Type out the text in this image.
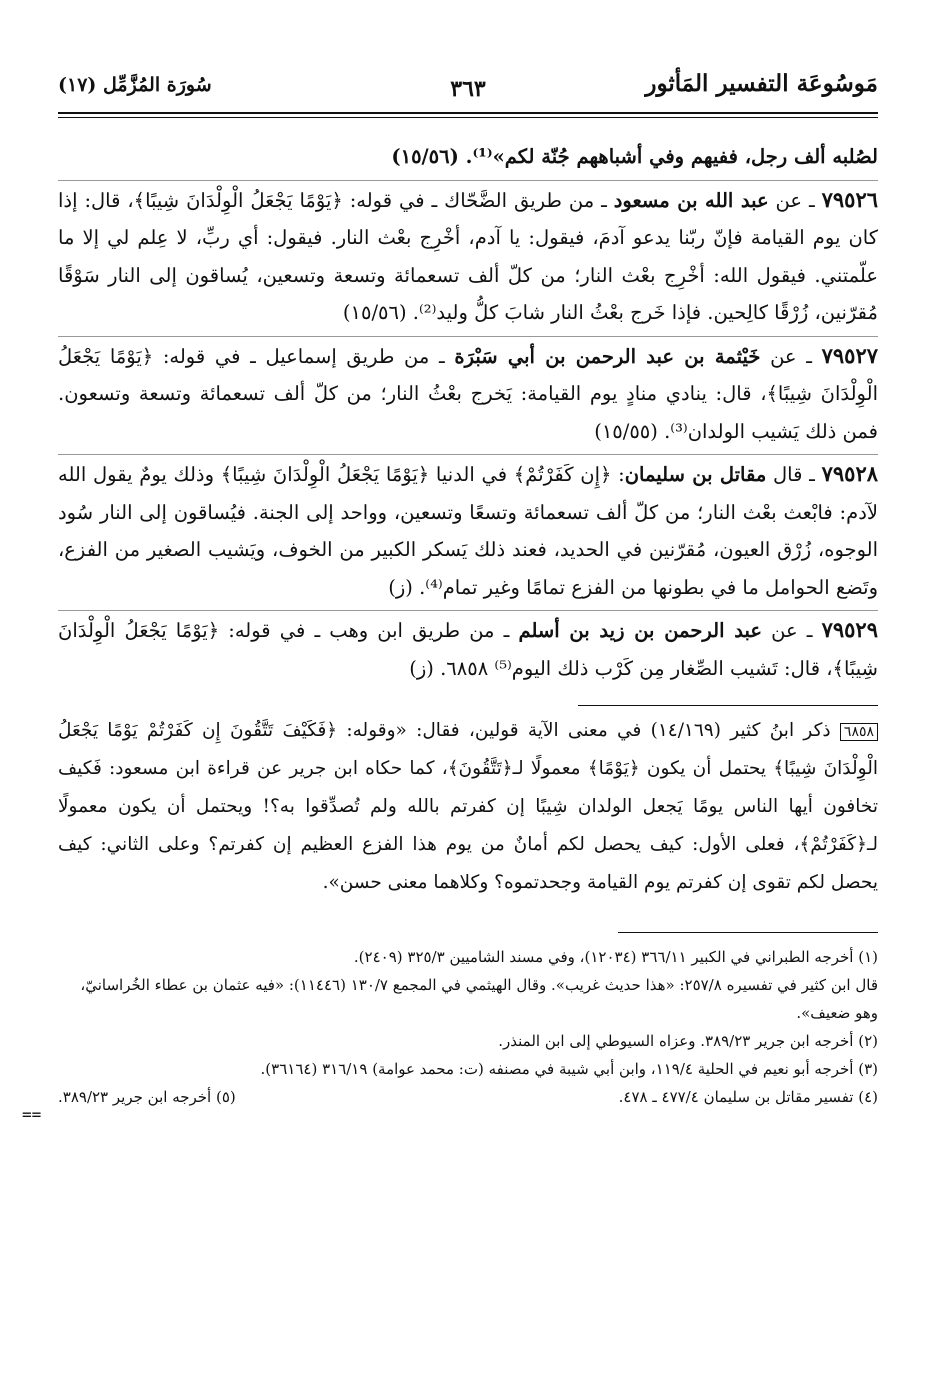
مَوسُوعَة التفسير المَأثور
٣٦٣
سُورَة المُزَّمِّل (١٧)

لصُلبه ألف رجل، ففيهم وفي أشباههم جُنّة لكم»⁽¹⁾. (١٥/٥٦)

٧٩٥٢٦ ـ عن عبد الله بن مسعود ـ من طريق الضَّحّاك ـ في قوله: ﴿يَوْمًا يَجْعَلُ الْوِلْدَانَ شِيبًا﴾، قال: إذا كان يوم القيامة فإنّ ربّنا يدعو آدمَ، فيقول: يا آدم، أخْرِج بعْث النار. فيقول: أي ربِّ، لا عِلم لي إلا ما علّمتني. فيقول الله: أخْرِج بعْث النار؛ من كلّ ألف تسعمائة وتسعة وتسعين، يُساقون إلى النار سَوْقًا مُقرّنين، زُرْقًا كالِحين. فإذا خَرج بعْثُ النار شابَ كلُّ وليد⁽²⁾. (١٥/٥٦)

٧٩٥٢٧ ـ عن خَيْثمة بن عبد الرحمن بن أبي سَبْرَة ـ من طريق إسماعيل ـ في قوله: ﴿يَوْمًا يَجْعَلُ الْوِلْدَانَ شِيبًا﴾، قال: ينادي منادٍ يوم القيامة: يَخرج بعْثُ النار؛ من كلّ ألف تسعمائة وتسعة وتسعون. فمن ذلك يَشيب الولدان⁽³⁾. (١٥/٥٥)

٧٩٥٢٨ ـ قال مقاتل بن سليمان: ﴿إِن كَفَرْتُمْ﴾ في الدنيا ﴿يَوْمًا يَجْعَلُ الْوِلْدَانَ شِيبًا﴾ وذلك يومٌ يقول الله لآدم: فابْعث بعْث النار؛ من كلّ ألف تسعمائة وتسعًا وتسعين، وواحد إلى الجنة. فيُساقون إلى النار سُود الوجوه، زُرْق العيون، مُقرّنين في الحديد، فعند ذلك يَسكر الكبير من الخوف، ويَشيب الصغير من الفزع، وتَضع الحوامل ما في بطونها من الفزع تمامًا وغير تمام⁽⁴⁾. (ز)

٧٩٥٢٩ ـ عن عبد الرحمن بن زيد بن أسلم ـ من طريق ابن وهب ـ في قوله: ﴿يَوْمًا يَجْعَلُ الْوِلْدَانَ شِيبًا﴾، قال: تَشيب الصِّغار مِن كَرْب ذلك اليوم⁽⁵⁾ ٦٨٥٨. (ز)

٦٨٥٨ ذكر ابنُ كثير (١٤/١٦٩) في معنى الآية قولين، فقال: «وقوله: ﴿فَكَيْفَ تَتَّقُونَ إِن كَفَرْتُمْ يَوْمًا يَجْعَلُ الْوِلْدَانَ شِيبًا﴾ يحتمل أن يكون ﴿يَوْمًا﴾ معمولًا لـ﴿تَتَّقُونَ﴾، كما حكاه ابن جرير عن قراءة ابن مسعود: فَكيف تخافون أيها الناس يومًا يَجعل الولدان شِيبًا إن كفرتم بالله ولم تُصدِّقوا به؟! ويحتمل أن يكون معمولًا لـ﴿كَفَرْتُمْ﴾، فعلى الأول: كيف يحصل لكم أمانٌ من يوم هذا الفزع العظيم إن كفرتم؟ وعلى الثاني: كيف يحصل لكم تقوى إن كفرتم يوم القيامة وجحدتموه؟ وكلاهما معنى حسن».

(١) أخرجه الطبراني في الكبير ٣٦٦/١١ (١٢٠٣٤)، وفي مسند الشاميين ٣٢٥/٣ (٢٤٠٩).

قال ابن كثير في تفسيره ٢٥٧/٨: «هذا حديث غريب». وقال الهيثمي في المجمع ١٣٠/٧ (١١٤٤٦): «فيه عثمان بن عطاء الخُراسانيّ، وهو ضعيف».

(٢) أخرجه ابن جرير ٣٨٩/٢٣. وعزاه السيوطي إلى ابن المنذر.

(٣) أخرجه أبو نعيم في الحلية ١١٩/٤، وابن أبي شيبة في مصنفه (ت: محمد عوامة) ٣١٦/١٩ (٣٦١٦٤).

(٤) تفسير مقاتل بن سليمان ٤٧٧/٤ ـ ٤٧٨.
(٥) أخرجه ابن جرير ٣٨٩/٢٣.
==
